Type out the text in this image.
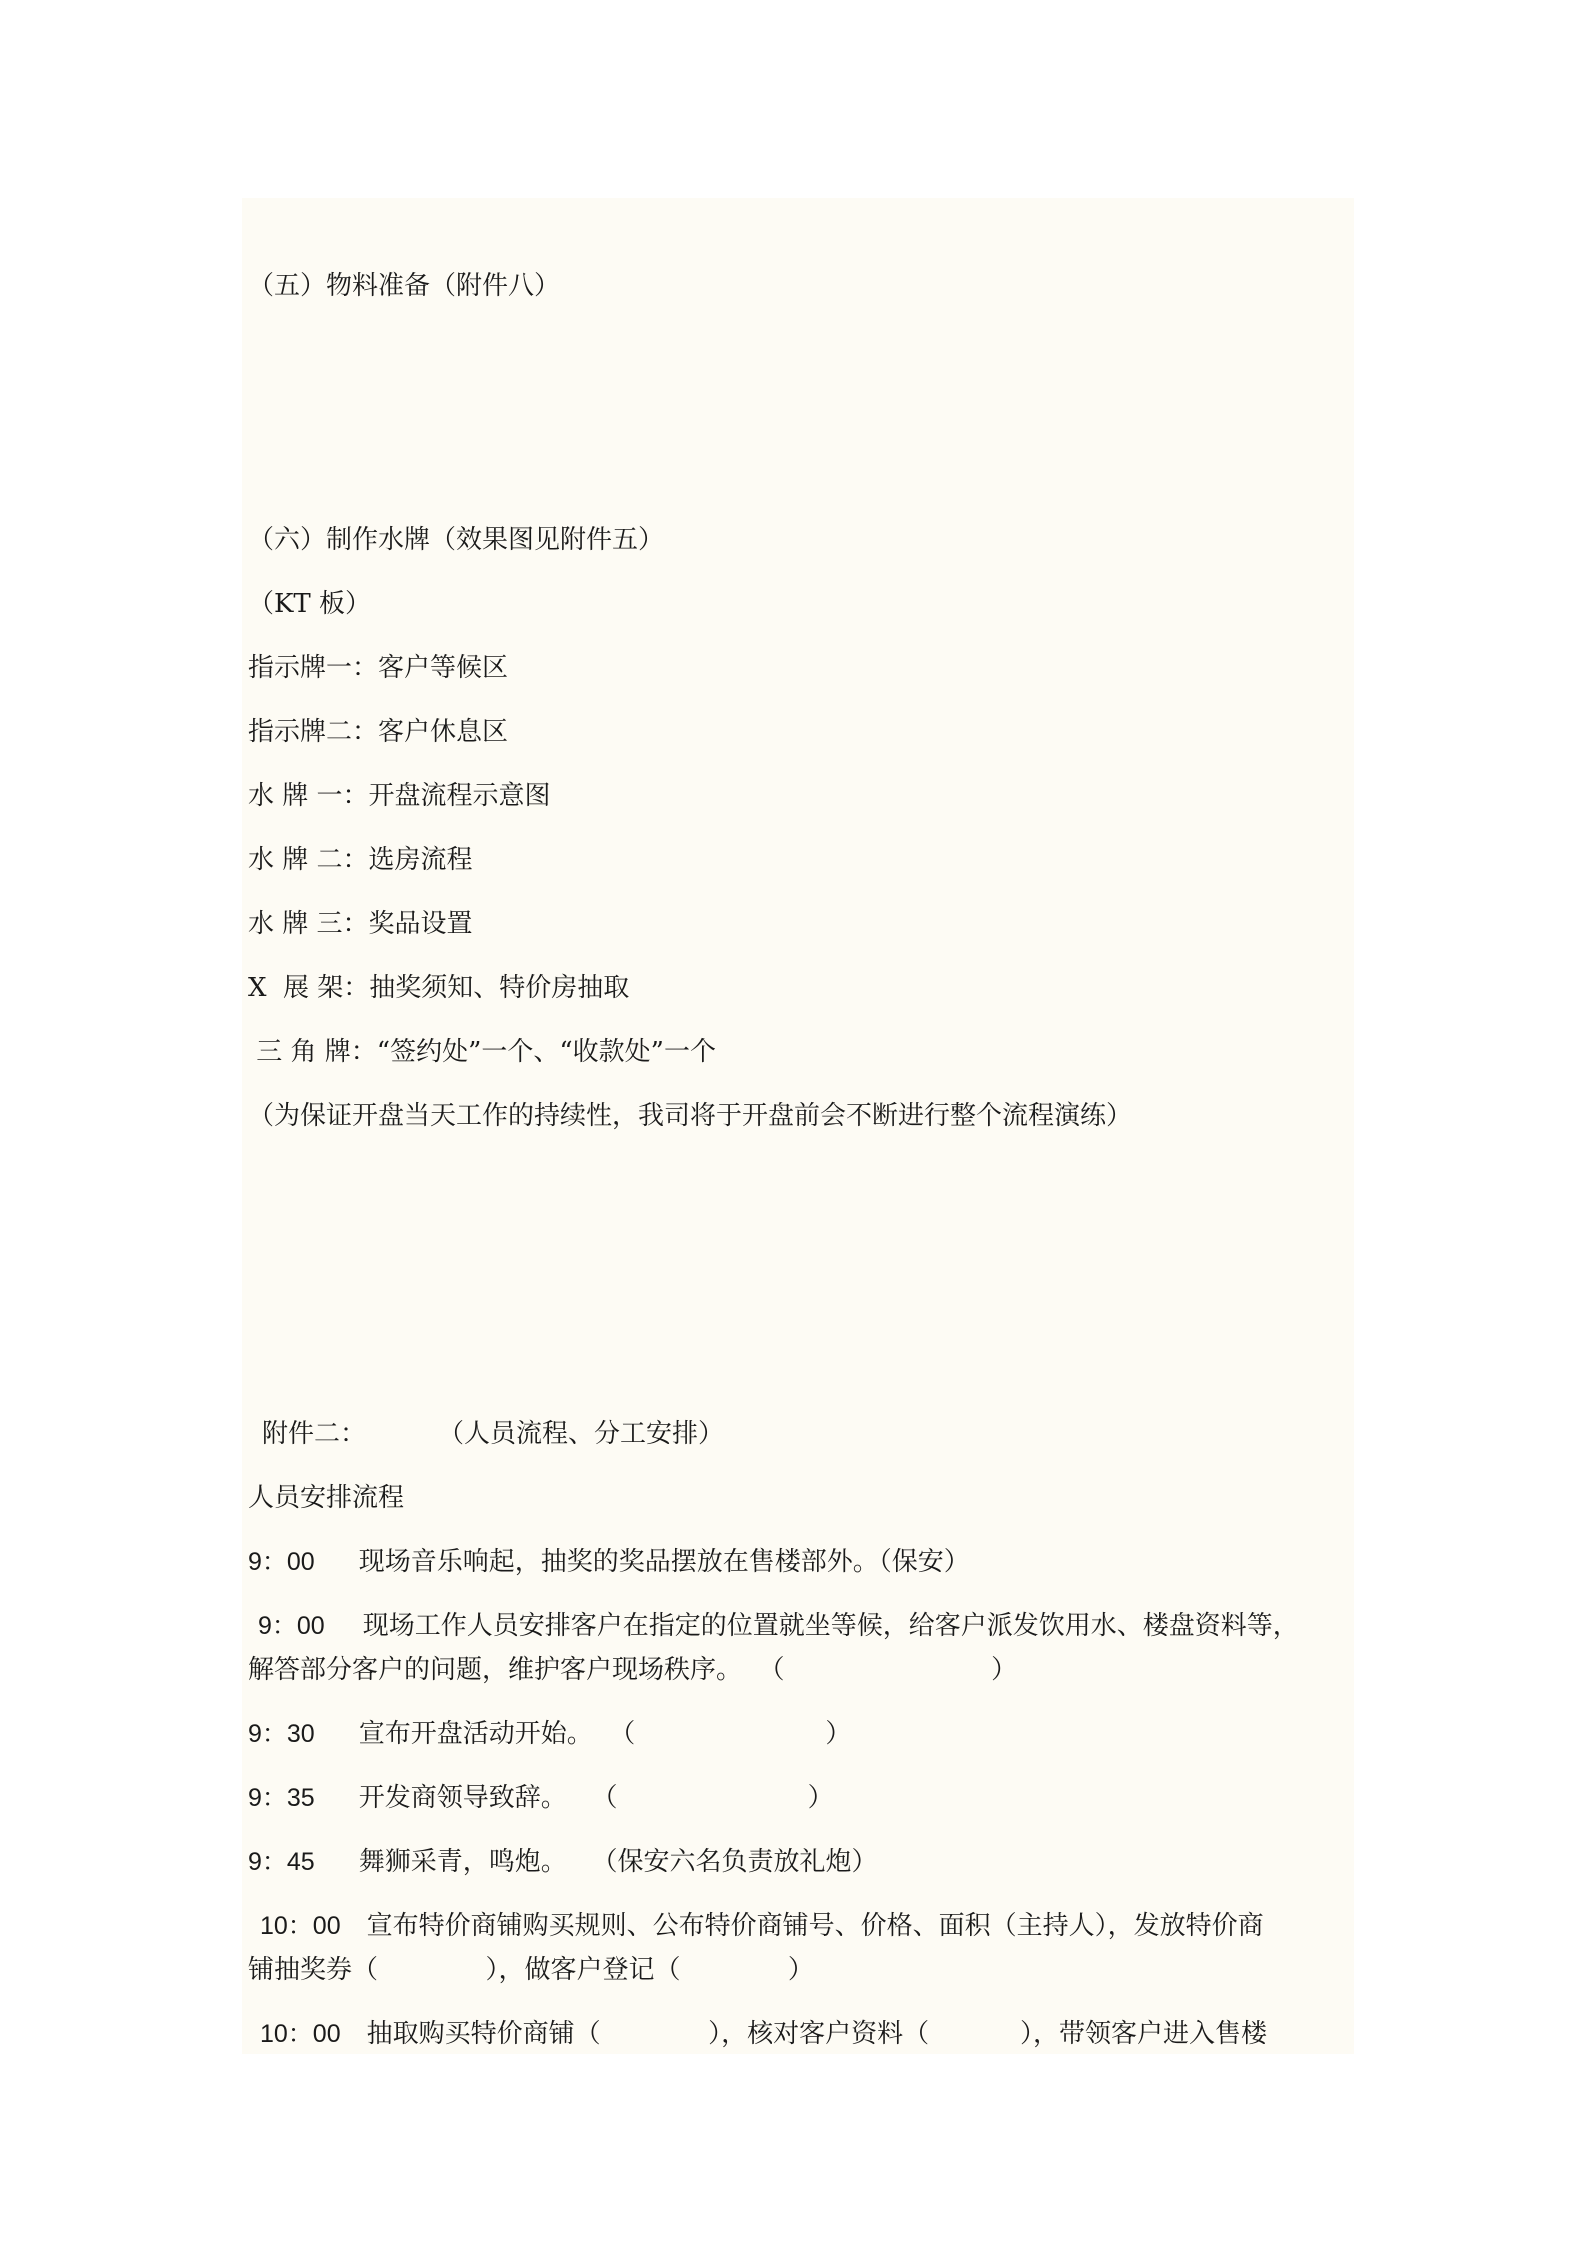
（五）物料准备（附件八）

（六）制作水牌（效果图见附件五）

（KT 板）

指示牌一：客户等候区

指示牌二：客户休息区

水 牌 一：开盘流程示意图

水 牌 二：选房流程

水 牌 三：奖品设置

X  展 架：抽奖须知、特价房抽取

三 角 牌：“签约处”一个、“收款处”一个

（为保证开盘当天工作的持续性，我司将于开盘前会不断进行整个流程演练）

附件二：	（人员流程、分工安排）

人员安排流程

9：00 现场音乐响起，抽奖的奖品摆放在售楼部外。（保安）

9：00 现场工作人员安排客户在指定的位置就坐等候，给客户派发饮用水、楼盘资料等，

解答部分客户的问题，维护客户现场秩序。  （                         ）

9：30 宣布开盘活动开始。  （                       ）

9：35 开发商领导致辞。   （                       ）

9：45 舞狮采青，鸣炮。   （保安六名负责放礼炮）

10：00 宣布特价商铺购买规则、公布特价商铺号、价格、面积（主持人），发放特价商

铺抽奖券（             ），做客户登记（             ）

10：00 抽取购买特价商铺（             ），核对客户资料（           ），带领客户进入售楼
